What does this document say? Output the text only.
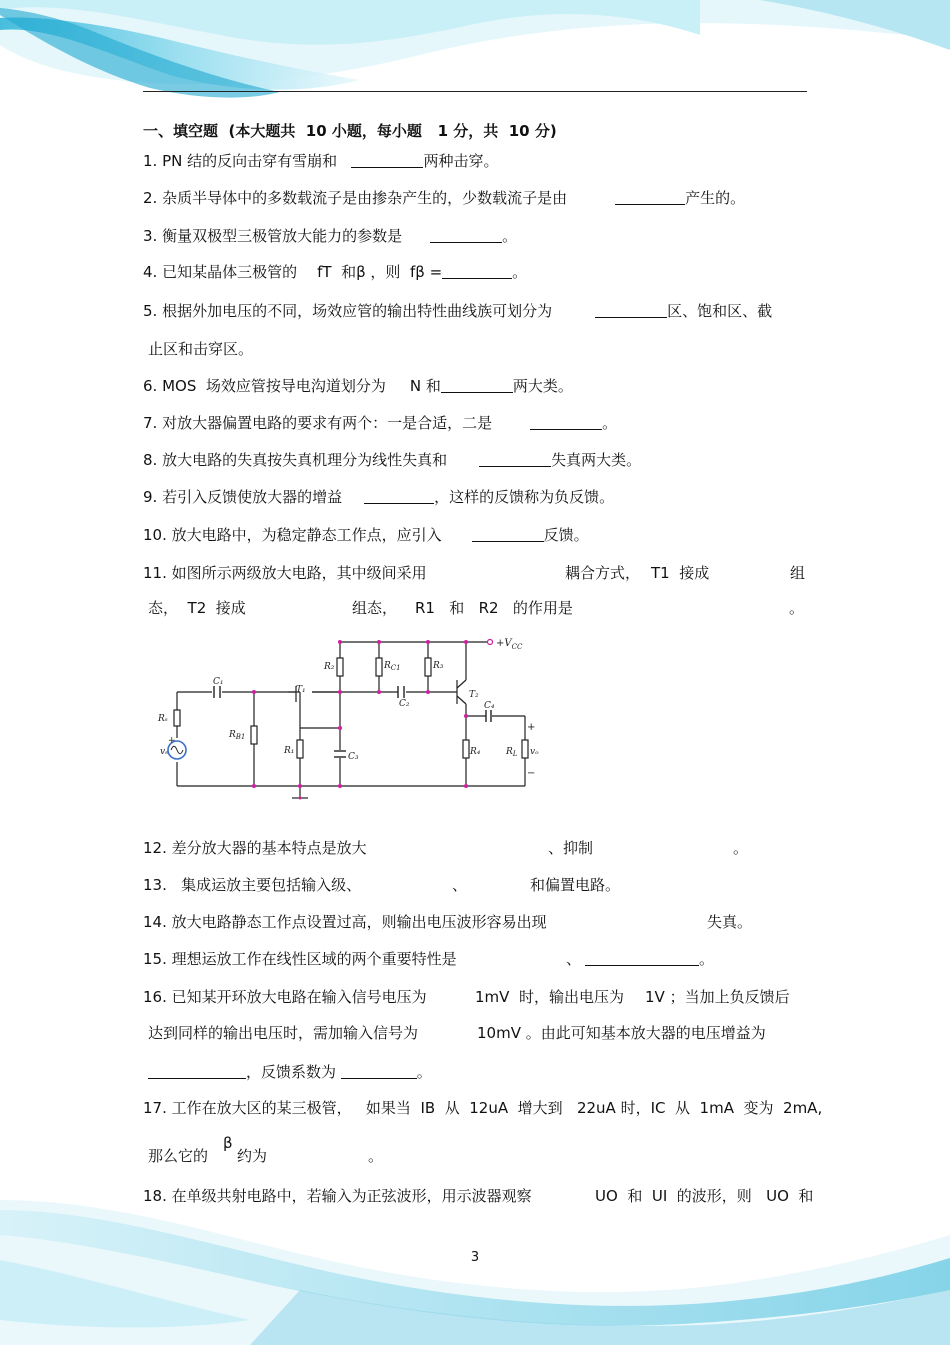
一、填空题 (本大题共 10 小题，每小题 1 分，共 10 分)
1. PN 结的反向击穿有雪崩和	两种击穿。
2. 杂质半导体中的多数载流子是由掺杂产生的，少数载流子是由	产生的。
3. 衡量双极型三极管放大能力的参数是	。
4. 已知某晶体三极管的 fT  和β ，则  fβ =	。
5. 根据外加电压的不同，场效应管的输出特性曲线族可划分为	区、饱和区、截
止区和击穿区。
6. MOS  场效应管按导电沟道划分为 N 和	两大类。
7. 对放大器偏置电路的要求有两个：一是合适，二是	。
8. 放大电路的失真按失真机理分为线性失真和	失真两大类。
9. 若引入反馈使放大器的增益	，这样的反馈称为负反馈。
10. 放大电路中，为稳定静态工作点，应引入	反馈。
11. 如图所示两级放大电路，其中级间采用	耦合方式， T1  接成	组
态，  T2  接成	组态， R1   和   R2   的作用是	。
$+V_{CC}$
C₁
Rₛ
vₛ
+
$R_{B1}$
T₁
R₁
C₃
R₂	$R_{C1}$	R₃
C₂
T₂
C₄
R₄	$R_L$ vₒ
+
−
12. 差分放大器的基本特点是放大	、抑制	。
13.   集成运放主要包括输入级、	、	和偏置电路。
14. 放大电路静态工作点设置过高，则输出电压波形容易出现	失真。
15. 理想运放工作在线性区域的两个重要特性是	、	。
16. 已知某开环放大电路在输入信号电压为	1mV  时，输出电压为 1V ；当加上负反馈后
达到同样的输出电压时，需加输入信号为	10mV 。由此可知基本放大器的电压增益为
，反馈系数为	。
17. 工作在放大区的某三极管，   如果当  IB  从  12uA  增大到   22uA 时，IC  从  1mA  变为  2mA,
那么它的
β
约为	。
18. 在单级共射电路中，若输入为正弦波形，用示波器观察	UO  和  UI  的波形，则   UO  和
3
